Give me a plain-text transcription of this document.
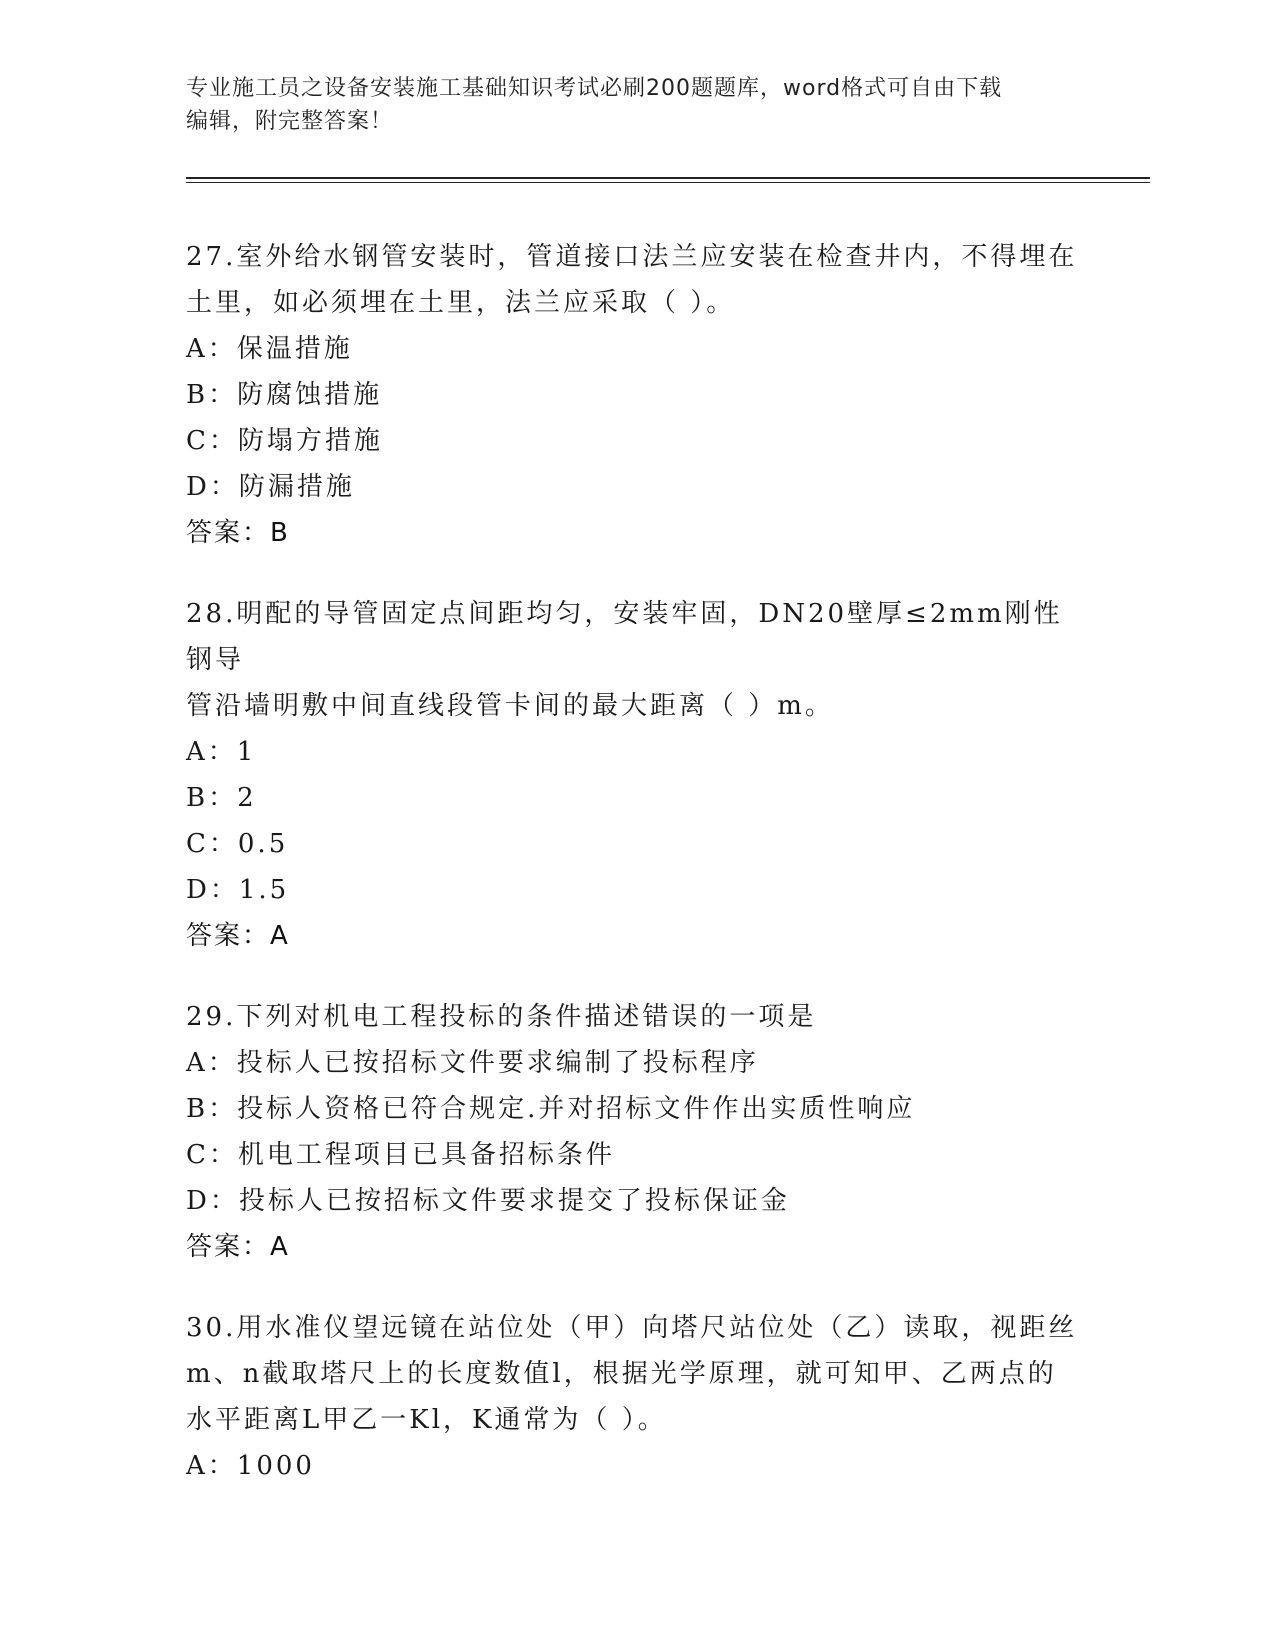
专业施工员之设备安装施工基础知识考试必刷200题题库，word格式可自由下载
编辑，附完整答案！

27.室外给水钢管安装时，管道接口法兰应安装在检查井内，不得埋在

土里，如必须埋在土里，法兰应采取（ ）。

A：保温措施

B：防腐蚀措施

C：防塌方措施

D：防漏措施

答案：B

28.明配的导管固定点间距均匀，安装牢固，DN20壁厚≤2mm刚性钢导

管沿墙明敷中间直线段管卡间的最大距离（ ）m。

A：1

B：2

C：0.5

D：1.5

答案：A

29.下列对机电工程投标的条件描述错误的一项是

A：投标人已按招标文件要求编制了投标程序

B：投标人资格已符合规定.并对招标文件作出实质性响应

C：机电工程项目已具备招标条件

D：投标人已按招标文件要求提交了投标保证金

答案：A

30.用水准仪望远镜在站位处（甲）向塔尺站位处（乙）读取，视距丝

m、n截取塔尺上的长度数值l，根据光学原理，就可知甲、乙两点的

水平距离L甲乙一Kl，K通常为（ ）。

A：1000
